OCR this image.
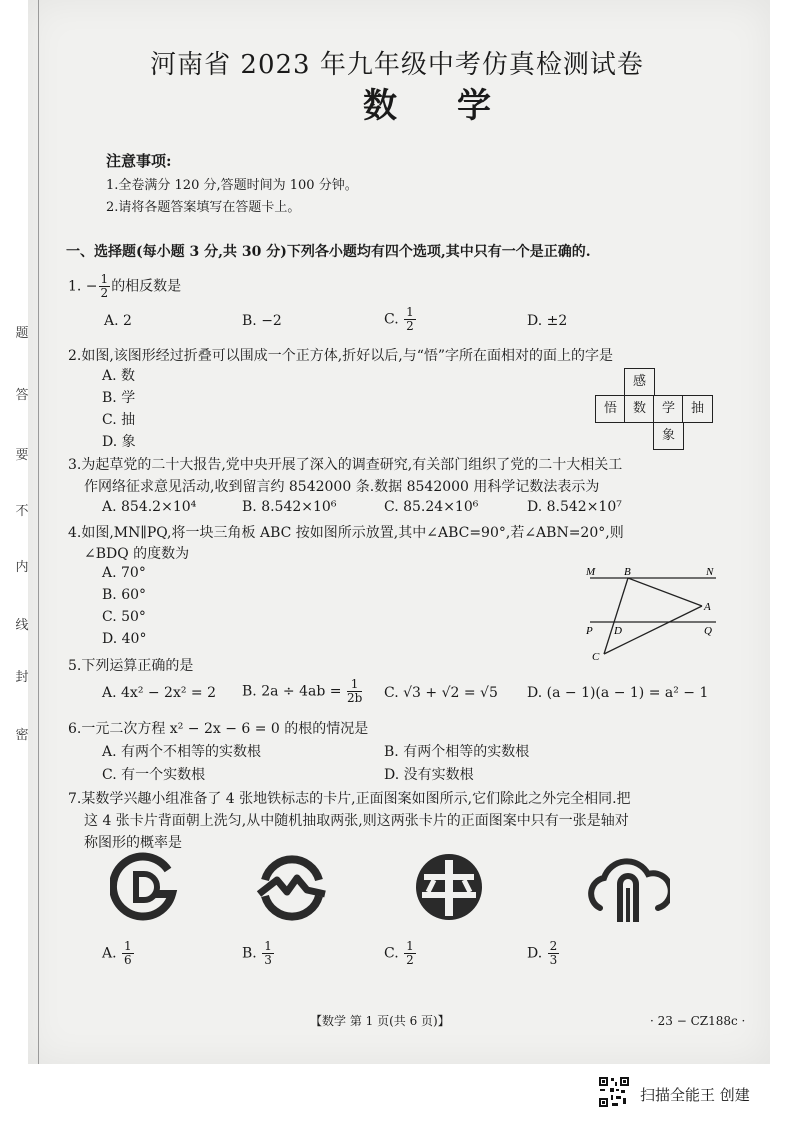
题
答
要
不
内
线
封
密
河南省 2023 年九年级中考仿真检测试卷
数学
注意事项:
1.全卷满分 120 分,答题时间为 100 分钟。
2.请将各题答案填写在答题卡上。
一、选择题(每小题 3 分,共 30 分)下列各小题均有四个选项,其中只有一个是正确的.
1. − $\frac{1}{2}$ 的相反数是
A. 2	B. −2	C. $\frac{1}{2}$	D. ±2
2.如图,该图形经过折叠可以围成一个正方体,折好以后,与“悟”字所在面相对的面上的字是
A. 数
B. 学
C. 抽
D. 象
感
悟	数	学	抽
象
3.为起草党的二十大报告,党中央开展了深入的调查研究,有关部门组织了党的二十大相关工
作网络征求意见活动,收到留言约 8542000 条.数据 8542000 用科学记数法表示为
A. 854.2×10⁴	B. 8.542×10⁶	C. 85.24×10⁶	D. 8.542×10⁷
4.如图,MN∥PQ,将一块三角板 ABC 按如图所示放置,其中∠ABC=90°,若∠ABN=20°,则
∠BDQ 的度数为
A. 70°
B. 60°
C. 50°
D. 40°
M	B	N
A
P D	Q
C
5.下列运算正确的是
A. 4x² − 2x² = 2 B. $2a \div 4ab = \frac{1}{2b} C$. √3 + √2 = √5 D. (a − 1)(a − 1) = a² − 1
6.一元二次方程 x² − 2x − 6 = 0 的根的情况是
A. 有两个不相等的实数根	B. 有两个相等的实数根
C. 有一个实数根	D. 没有实数根
7.某数学兴趣小组准备了 4 张地铁标志的卡片,正面图案如图所示,它们除此之外完全相同.把
这 4 张卡片背面朝上洗匀,从中随机抽取两张,则这两张卡片的正面图案中只有一张是轴对
称图形的概率是
A. $\frac{1}{6}$	B. $\frac{1}{3}$	C. $\frac{1}{2}$	D. $\frac{2}{3}$
【数学 第 1 页(共 6 页)】	· 23 − CZ188c ·
扫描全能王 创建
